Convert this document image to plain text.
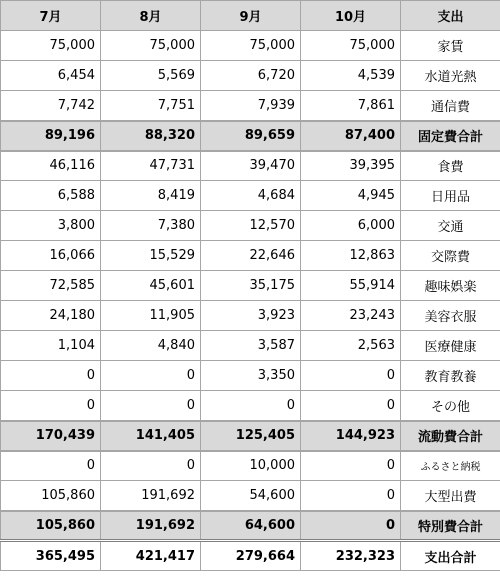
7月	8月	9月	10月	支出
75,000	75,000	75,000	75,000	家賃
6,454	5,569	6,720	4,539	水道光熱
7,742	7,751	7,939	7,861	通信費
89,196	88,320	89,659	87,400	固定費合計
46,116	47,731	39,470	39,395	食費
6,588	8,419	4,684	4,945	日用品
3,800	7,380	12,570	6,000	交通
16,066	15,529	22,646	12,863	交際費
72,585	45,601	35,175	55,914	趣味娯楽
24,180	11,905	3,923	23,243	美容衣服
1,104	4,840	3,587	2,563	医療健康
0	0	3,350	0	教育教養
0	0	0	0	その他
170,439	141,405	125,405	144,923	流動費合計
0	0	10,000	0	ふるさと納税
105,860	191,692	54,600	0	大型出費
105,860	191,692	64,600	0	特別費合計
365,495	421,417	279,664	232,323	支出合計
